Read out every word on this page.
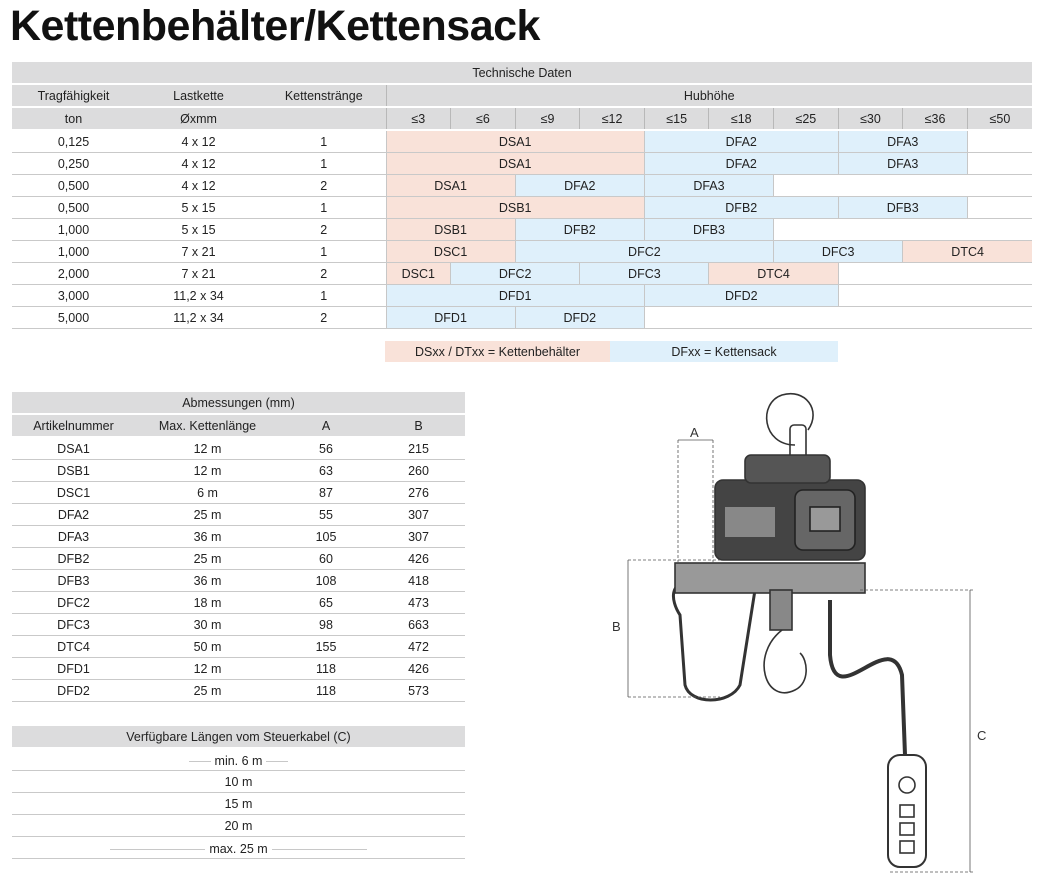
Kettenbehälter/Kettensack
Technische Daten												
Tragfähigkeit	Lastkette	Kettenstränge	Hubhöhe									
ton	Øxmm		≤3	≤6	≤9	≤12	≤15	≤18	≤25	≤30	≤36	≤50
0,125	4 x 12	1	DSA1				DFA2			DFA3		
0,250	4 x 12	1	DSA1				DFA2			DFA3		
0,500	4 x 12	2	DSA1		DFA2		DFA3					
0,500	5 x 15	1	DSB1				DFB2			DFB3		
1,000	5 x 15	2	DSB1		DFB2		DFB3					
1,000	7 x 21	1	DSC1		DFC2				DFC3		DTC4	
2,000	7 x 21	2	DSC1	DFC2		DFC3		DTC4				
3,000	11,2 x 34	1	DFD1				DFD2					
5,000	11,2 x 34	2	DFD1		DFD2							
DSxx / DTxx = Kettenbehälter	DFxx = Kettensack
Abmessungen (mm)			
Artikelnummer	Max. Kettenlänge	A	B
DSA1	12 m	56	215
DSB1	12 m	63	260
DSC1	6 m	87	276
DFA2	25 m	55	307
DFA3	36 m	105	307
DFB2	25 m	60	426
DFB3	36 m	108	418
DFC2	18 m	65	473
DFC3	30 m	98	663
DTC4	50 m	155	472
DFD1	12 m	118	426
DFD2	25 m	118	573
Verfügbare Längen vom Steuerkabel (C)

min. 6 m

10 m
15 m
20 m

max. 25 m
A
B
C
